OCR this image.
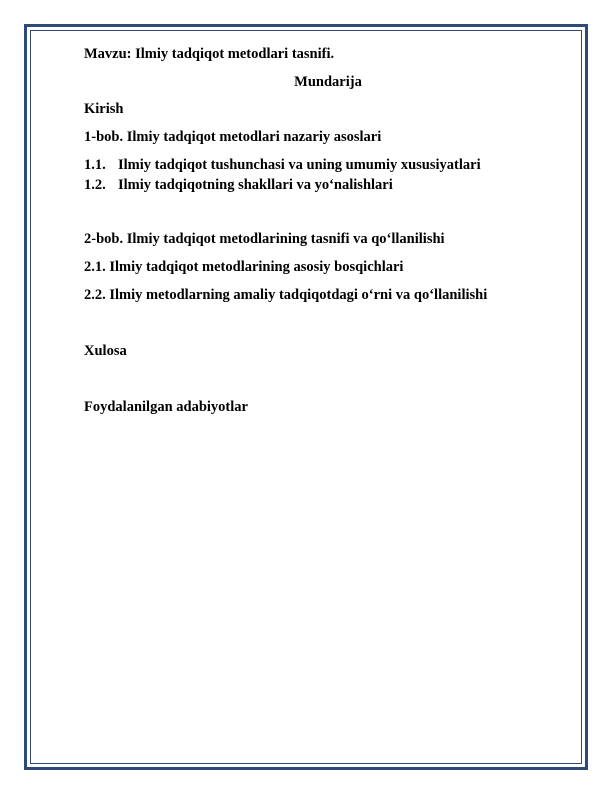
Mavzu: Ilmiy tadqiqot metodlari tasnifi.
Mundarija
Kirish
1-bob. Ilmiy tadqiqot metodlari nazariy asoslari
1.1. Ilmiy tadqiqot tushunchasi va uning umumiy xususiyatlari
1.2. Ilmiy tadqiqotning shakllari va yo‘nalishlari
2-bob. Ilmiy tadqiqot metodlarining tasnifi va qo‘llanilishi
2.1. Ilmiy tadqiqot metodlarining asosiy bosqichlari
2.2. Ilmiy metodlarning amaliy tadqiqotdagi o‘rni va qo‘llanilishi
Xulosa
Foydalanilgan adabiyotlar
